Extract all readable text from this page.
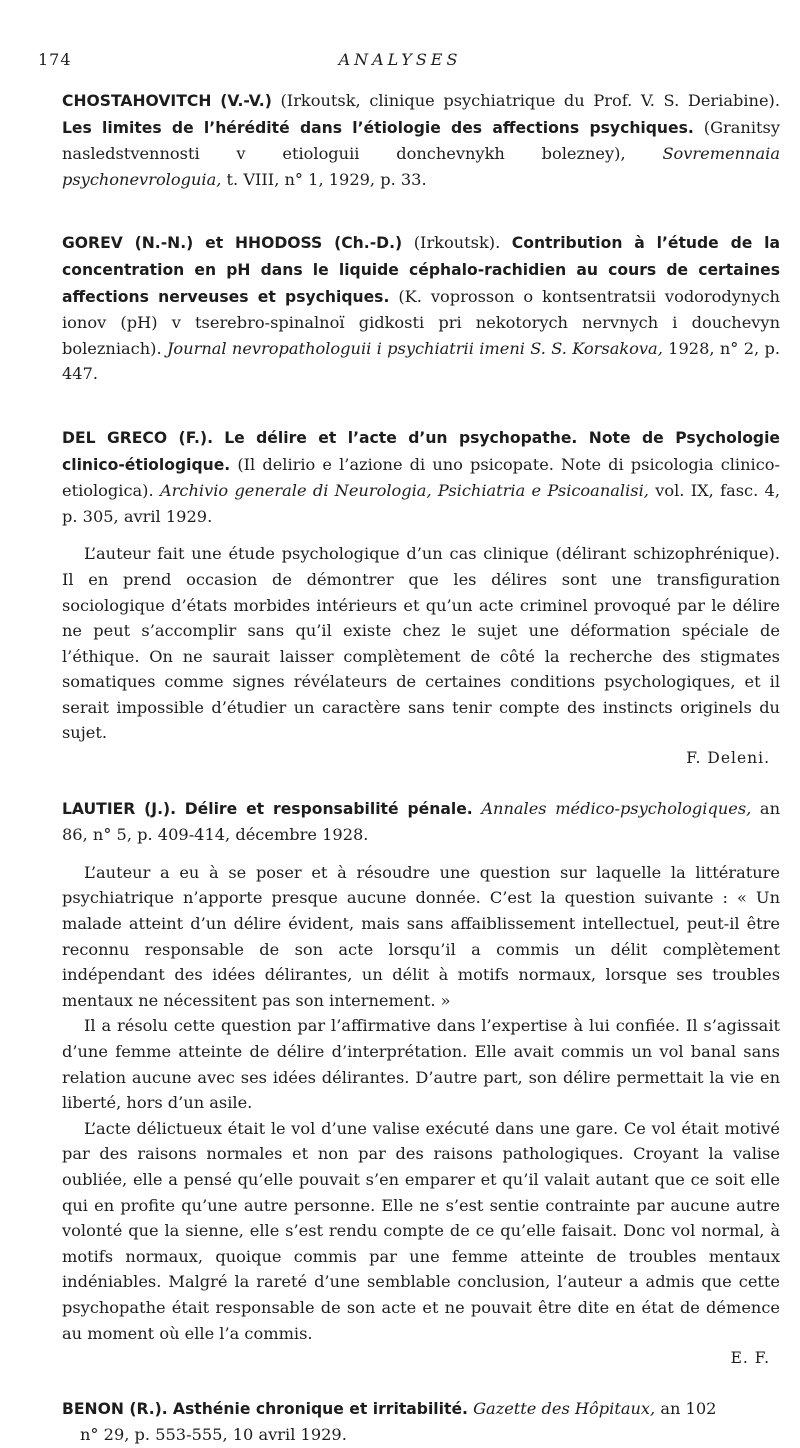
174	ANALYSES

CHOSTAHOVITCH (V.-V.) (Irkoutsk, clinique psychiatrique du Prof. V. S. Deriabine). Les limites de l’hérédité dans l’étiologie des affections psychiques. (Granitsy nasledstvennosti v etiologuii donchevnykh bolezney), Sovremennaia psychonevrologuia, t. VIII, n° 1, 1929, p. 33.

GOREV (N.-N.) et HHODOSS (Ch.-D.) (Irkoutsk). Contribution à l’étude de la concentration en pH dans le liquide céphalo-rachidien au cours de certaines affections nerveuses et psychiques. (K. voprosson o kontsentratsii vodorodynych ionov (pH) v tserebro-spinalnoï gidkosti pri nekotorych nervnych i douchevyn bolezniach). Journal nevropathologuii i psychiatrii imeni S. S. Korsakova, 1928, n° 2, p. 447.

DEL GRECO (F.). Le délire et l’acte d’un psychopathe. Note de Psychologie clinico-étiologique. (Il delirio e l’azione di uno psicopate. Note di psicologia clinico-etiologica). Archivio generale di Neurologia, Psichiatria e Psicoanalisi, vol. IX, fasc. 4, p. 305, avril 1929.

L’auteur fait une étude psychologique d’un cas clinique (délirant schizophrénique). Il en prend occasion de démontrer que les délires sont une transfiguration sociologique d’états morbides intérieurs et qu’un acte criminel provoqué par le délire ne peut s’accomplir sans qu’il existe chez le sujet une déformation spéciale de l’éthique. On ne saurait laisser complètement de côté la recherche des stigmates somatiques comme signes révélateurs de certaines conditions psychologiques, et il serait impossible d’étudier un caractère sans tenir compte des instincts originels du sujet.

F. Deleni.

LAUTIER (J.). Délire et responsabilité pénale. Annales médico-psychologiques, an 86, n° 5, p. 409-414, décembre 1928.

L’auteur a eu à se poser et à résoudre une question sur laquelle la littérature psychiatrique n’apporte presque aucune donnée. C’est la question suivante : « Un malade atteint d’un délire évident, mais sans affaiblissement intellectuel, peut-il être reconnu responsable de son acte lorsqu’il a commis un délit complètement indépendant des idées délirantes, un délit à motifs normaux, lorsque ses troubles mentaux ne nécessitent pas son internement. »

Il a résolu cette question par l’affirmative dans l’expertise à lui confiée. Il s’agissait d’une femme atteinte de délire d’interprétation. Elle avait commis un vol banal sans relation aucune avec ses idées délirantes. D’autre part, son délire permettait la vie en liberté, hors d’un asile.

L’acte délictueux était le vol d’une valise exécuté dans une gare. Ce vol était motivé par des raisons normales et non par des raisons pathologiques. Croyant la valise oubliée, elle a pensé qu’elle pouvait s’en emparer et qu’il valait autant que ce soit elle qui en profite qu’une autre personne. Elle ne s’est sentie contrainte par aucune autre volonté que la sienne, elle s’est rendu compte de ce qu’elle faisait. Donc vol normal, à motifs normaux, quoique commis par une femme atteinte de troubles mentaux indéniables. Malgré la rareté d’une semblable conclusion, l’auteur a admis que cette psychopathe était responsable de son acte et ne pouvait être dite en état de démence au moment où elle l’a commis.

E. F.

BENON (R.). Asthénie chronique et irritabilité. Gazette des Hôpitaux, an 102
n° 29, p. 553-555, 10 avril 1929.
